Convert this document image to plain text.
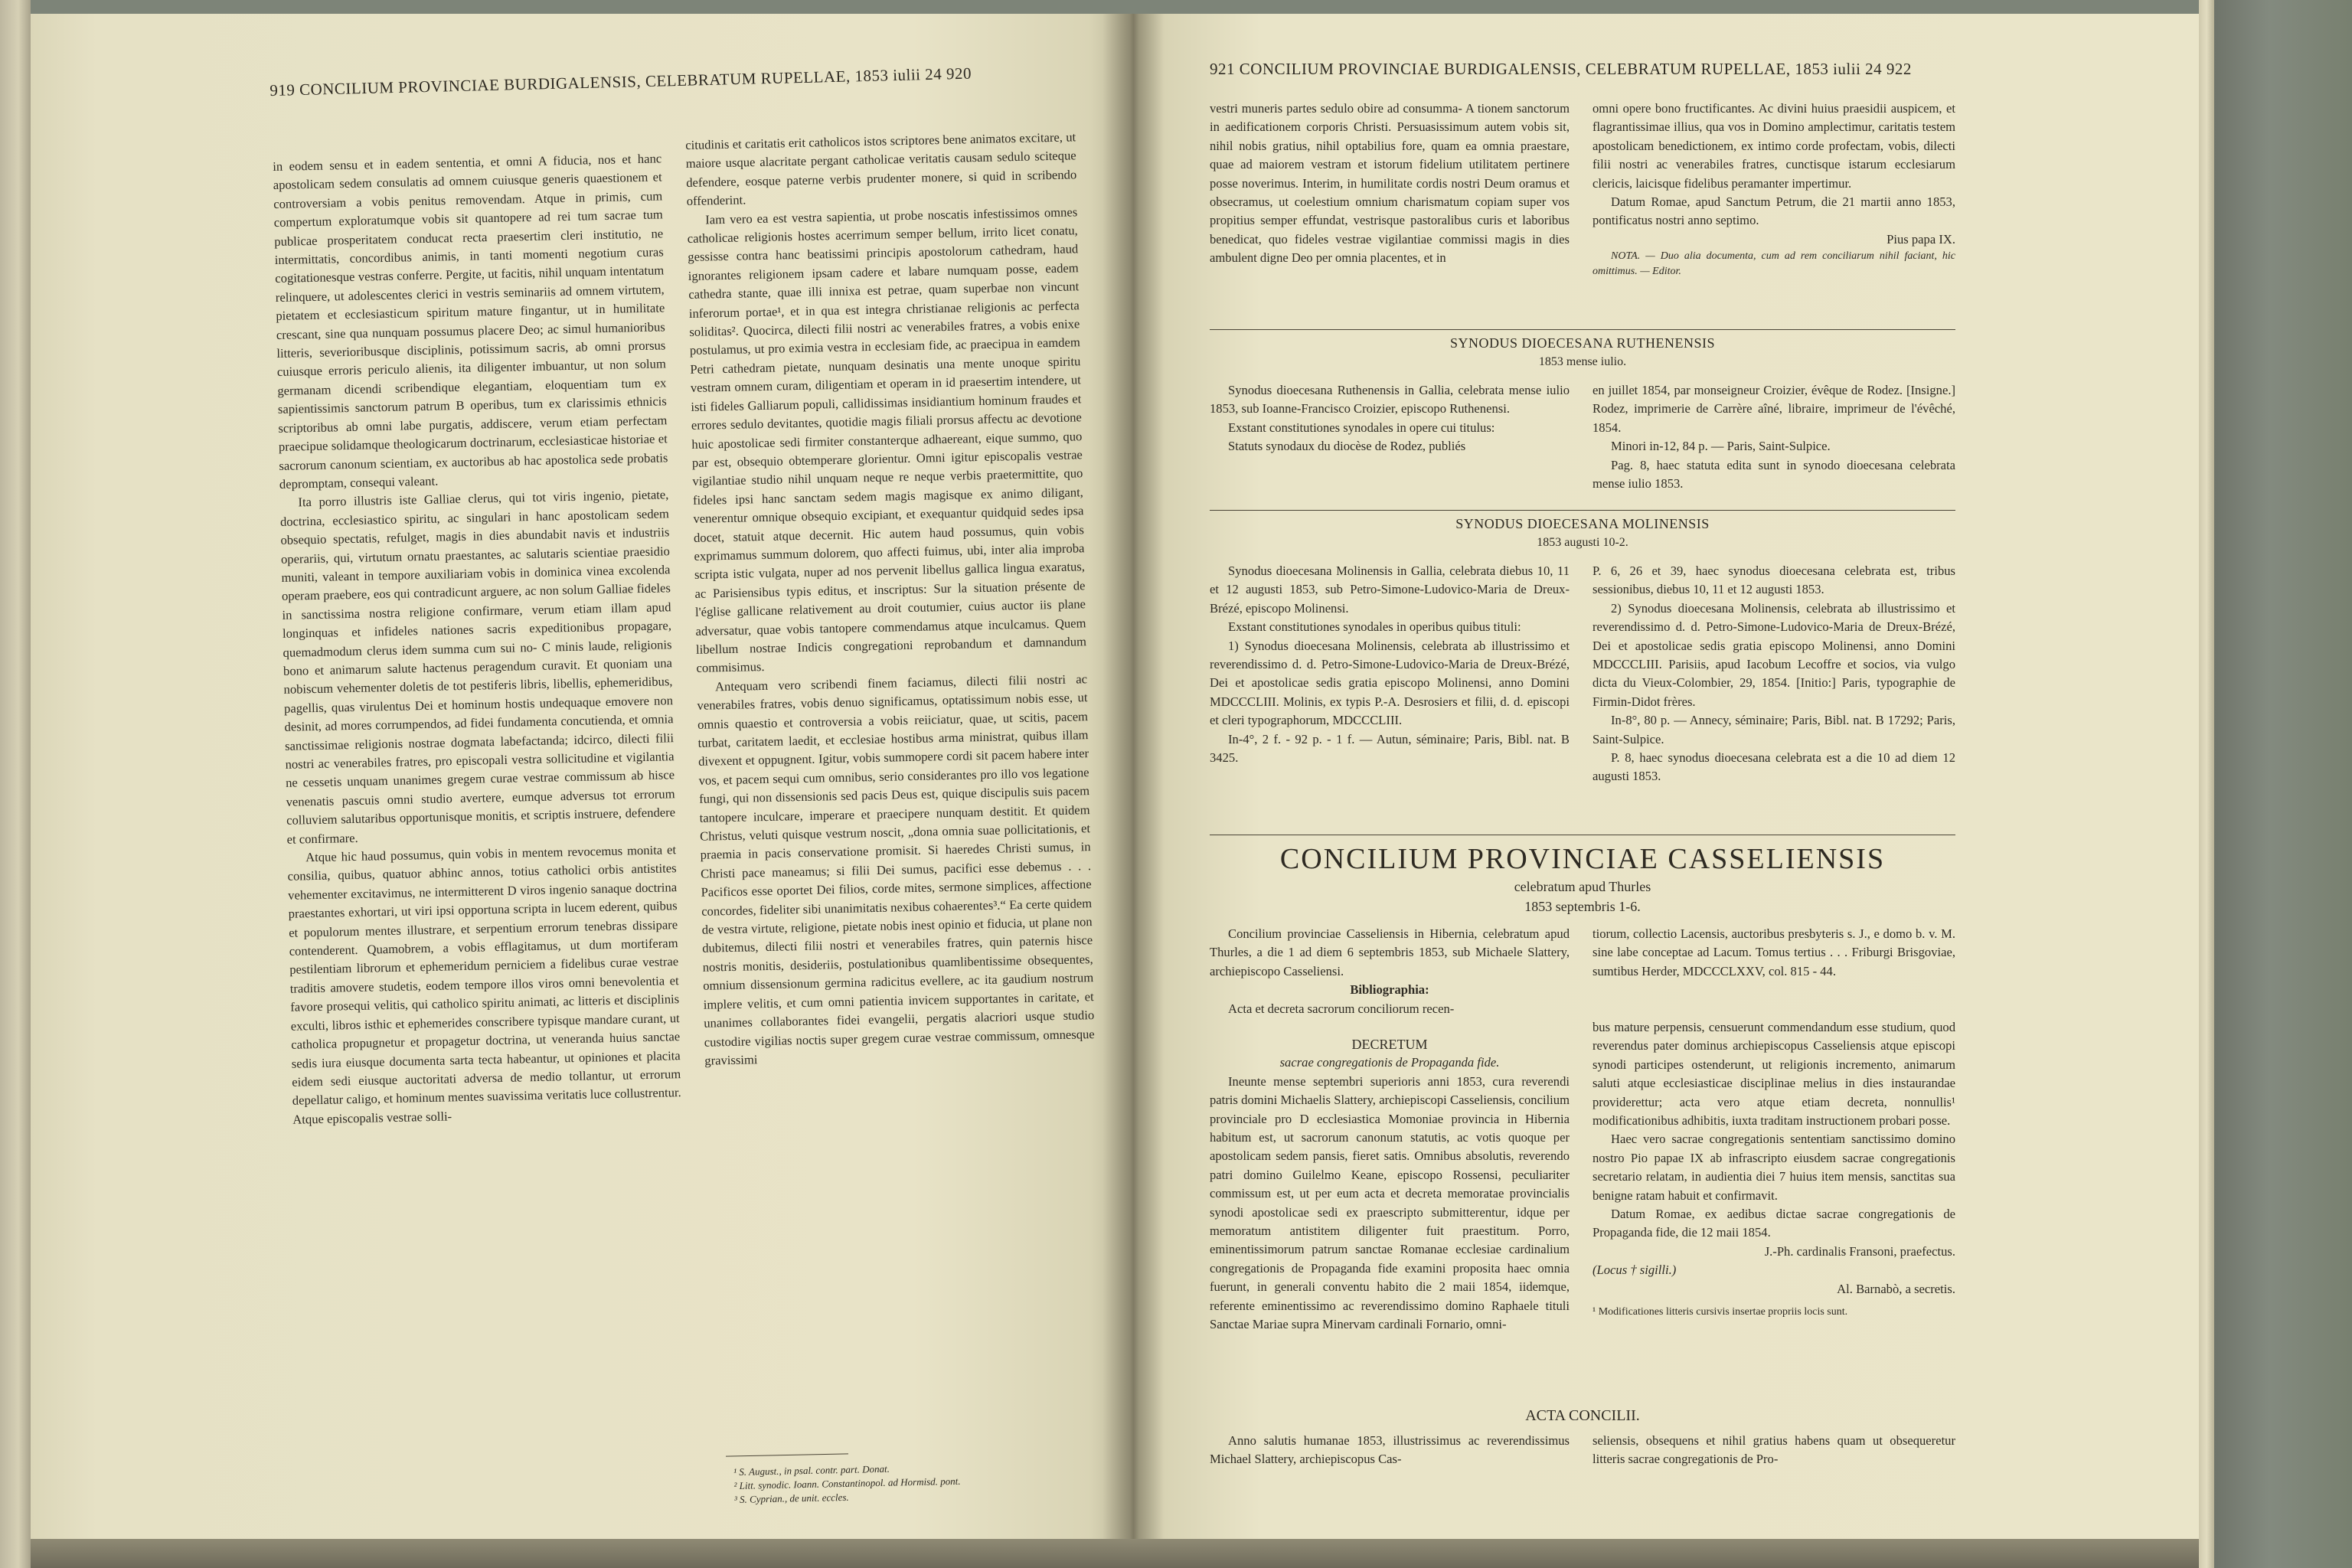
919 CONCILIUM PROVINCIAE BURDIGALENSIS, CELEBRATUM RUPELLAE, 1853 iulii 24 920

in eodem sensu et in eadem sententia, et omni A fiducia, nos et hanc apostolicam sedem consulatis ad omnem cuiusque generis quaestionem et controversiam a vobis penitus removendam. Atque in primis, cum compertum exploratumque vobis sit quantopere ad rei tum sacrae tum publicae prosperitatem conducat recta praesertim cleri institutio, ne intermittatis, concordibus animis, in tanti momenti negotium curas cogitationesque vestras conferre. Pergite, ut facitis, nihil unquam intentatum relinquere, ut adolescentes clerici in vestris seminariis ad omnem virtutem, pietatem et ecclesiasticum spiritum mature fingantur, ut in humilitate crescant, sine qua nunquam possumus placere Deo; ac simul humanioribus litteris, severioribusque disciplinis, potissimum sacris, ab omni prorsus cuiusque erroris periculo alienis, ita diligenter imbuantur, ut non solum germanam dicendi scribendique elegantiam, eloquentiam tum ex sapientissimis sanctorum patrum B operibus, tum ex clarissimis ethnicis scriptoribus ab omni labe purgatis, addiscere, verum etiam perfectam praecipue solidamque theologicarum doctrinarum, ecclesiasticae historiae et sacrorum canonum scientiam, ex auctoribus ab hac apostolica sede probatis depromptam, consequi valeant.

Ita porro illustris iste Galliae clerus, qui tot viris ingenio, pietate, doctrina, ecclesiastico spiritu, ac singulari in hanc apostolicam sedem obsequio spectatis, refulget, magis in dies abundabit navis et industriis operariis, qui, virtutum ornatu praestantes, ac salutaris scientiae praesidio muniti, valeant in tempore auxiliariam vobis in dominica vinea excolenda operam praebere, eos qui contradicunt arguere, ac non solum Galliae fideles in sanctissima nostra religione confirmare, verum etiam illam apud longinquas et infideles nationes sacris expeditionibus propagare, quemadmodum clerus idem summa cum sui no- C minis laude, religionis bono et animarum salute hactenus peragendum curavit. Et quoniam una nobiscum vehementer doletis de tot pestiferis libris, libellis, ephemeridibus, pagellis, quas virulentus Dei et hominum hostis undequaque emovere non desinit, ad mores corrumpendos, ad fidei fundamenta concutienda, et omnia sanctissimae religionis nostrae dogmata labefactanda; idcirco, dilecti filii nostri ac venerabiles fratres, pro episcopali vestra sollicitudine et vigilantia ne cessetis unquam unanimes gregem curae vestrae commissum ab hisce venenatis pascuis omni studio avertere, eumque adversus tot errorum colluviem salutaribus opportunisque monitis, et scriptis instruere, defendere et confirmare.

Atque hic haud possumus, quin vobis in mentem revocemus monita et consilia, quibus, quatuor abhinc annos, totius catholici orbis antistites vehementer excitavimus, ne intermitterent D viros ingenio sanaque doctrina praestantes exhortari, ut viri ipsi opportuna scripta in lucem ederent, quibus et populorum mentes illustrare, et serpentium errorum tenebras dissipare contenderent. Quamobrem, a vobis efflagitamus, ut dum mortiferam pestilentiam librorum et ephemeridum perniciem a fidelibus curae vestrae traditis amovere studetis, eodem tempore illos viros omni benevolentia et favore prosequi velitis, qui catholico spiritu animati, ac litteris et disciplinis exculti, libros isthic et ephemerides conscribere typisque mandare curant, ut catholica propugnetur et propagetur doctrina, ut veneranda huius sanctae sedis iura eiusque documenta sarta tecta habeantur, ut opiniones et placita eidem sedi eiusque auctoritati adversa de medio tollantur, ut errorum depellatur caligo, et hominum mentes suavissima veritatis luce collustrentur. Atque episcopalis vestrae solli-

citudinis et caritatis erit catholicos istos scriptores bene animatos excitare, ut maiore usque alacritate pergant catholicae veritatis causam sedulo sciteque defendere, eosque paterne verbis prudenter monere, si quid in scribendo offenderint.

Iam vero ea est vestra sapientia, ut probe noscatis infestissimos omnes catholicae religionis hostes acerrimum semper bellum, irrito licet conatu, gessisse contra hanc beatissimi principis apostolorum cathedram, haud ignorantes religionem ipsam cadere et labare numquam posse, eadem cathedra stante, quae illi innixa est petrae, quam superbae non vincunt inferorum portae¹, et in qua est integra christianae religionis ac perfecta soliditas². Quocirca, dilecti filii nostri ac venerabiles fratres, a vobis enixe postulamus, ut pro eximia vestra in ecclesiam fide, ac praecipua in eamdem Petri cathedram pietate, nunquam desinatis una mente unoque spiritu vestram omnem curam, diligentiam et operam in id praesertim intendere, ut isti fideles Galliarum populi, callidissimas insidiantium hominum fraudes et errores sedulo devitantes, quotidie magis filiali prorsus affectu ac devotione huic apostolicae sedi firmiter constanterque adhaereant, eique summo, quo par est, obsequio obtemperare glorientur. Omni igitur episcopalis vestrae vigilantiae studio nihil unquam neque re neque verbis praetermittite, quo fideles ipsi hanc sanctam sedem magis magisque ex animo diligant, venerentur omnique obsequio excipiant, et exequantur quidquid sedes ipsa docet, statuit atque decernit. Hic autem haud possumus, quin vobis exprimamus summum dolorem, quo affecti fuimus, ubi, inter alia improba scripta istic vulgata, nuper ad nos pervenit libellus gallica lingua exaratus, ac Parisiensibus typis editus, et inscriptus: Sur la situation présente de l'église gallicane relativement au droit coutumier, cuius auctor iis plane adversatur, quae vobis tantopere commendamus atque inculcamus. Quem libellum nostrae Indicis congregationi reprobandum et damnandum commisimus.

Antequam vero scribendi finem faciamus, dilecti filii nostri ac venerabiles fratres, vobis denuo significamus, optatissimum nobis esse, ut omnis quaestio et controversia a vobis reiiciatur, quae, ut scitis, pacem turbat, caritatem laedit, et ecclesiae hostibus arma ministrat, quibus illam divexent et oppugnent. Igitur, vobis summopere cordi sit pacem habere inter vos, et pacem sequi cum omnibus, serio considerantes pro illo vos legatione fungi, qui non dissensionis sed pacis Deus est, quique discipulis suis pacem tantopere inculcare, imperare et praecipere nunquam destitit. Et quidem Christus, veluti quisque vestrum noscit, „dona omnia suae pollicitationis, et praemia in pacis conservatione promisit. Si haeredes Christi sumus, in Christi pace maneamus; si filii Dei sumus, pacifici esse debemus . . . Pacificos esse oportet Dei filios, corde mites, sermone simplices, affectione concordes, fideliter sibi unanimitatis nexibus cohaerentes³.“ Ea certe quidem de vestra virtute, religione, pietate nobis inest opinio et fiducia, ut plane non dubitemus, dilecti filii nostri et venerabiles fratres, quin paternis hisce nostris monitis, desideriis, postulationibus quamlibentissime obsequentes, omnium dissensionum germina radicitus evellere, ac ita gaudium nostrum implere velitis, et cum omni patientia invicem supportantes in caritate, et unanimes collaborantes fidei evangelii, pergatis alacriori usque studio custodire vigilias noctis super gregem curae vestrae commissum, omnesque gravissimi

¹ S. August., in psal. contr. part. Donat.
² Litt. synodic. Ioann. Constantinopol. ad Hormisd. pont.
³ S. Cyprian., de unit. eccles.
921 CONCILIUM PROVINCIAE BURDIGALENSIS, CELEBRATUM RUPELLAE, 1853 iulii 24 922

vestri muneris partes sedulo obire ad consumma- A tionem sanctorum in aedificationem corporis Christi. Persuasissimum autem vobis sit, nihil nobis gratius, nihil optabilius fore, quam ea omnia praestare, quae ad maiorem vestram et istorum fidelium utilitatem pertinere posse noverimus. Interim, in humilitate cordis nostri Deum oramus et obsecramus, ut coelestium omnium charismatum copiam super vos propitius semper effundat, vestrisque pastoralibus curis et laboribus benedicat, quo fideles vestrae vigilantiae commissi magis in dies ambulent digne Deo per omnia placentes, et in

omni opere bono fructificantes. Ac divini huius praesidii auspicem, et flagrantissimae illius, qua vos in Domino amplectimur, caritatis testem apostolicam benedictionem, ex intimo corde profectam, vobis, dilecti filii nostri ac venerabiles fratres, cunctisque istarum ecclesiarum clericis, laicisque fidelibus peramanter impertimur.

Datum Romae, apud Sanctum Petrum, die 21 martii anno 1853, pontificatus nostri anno septimo.

Pius papa IX.

NOTA. — Duo alia documenta, cum ad rem conciliarum nihil faciant, hic omittimus. — Editor.

SYNODUS DIOECESANA RUTHENENSIS
1853 mense iulio.

Synodus dioecesana Ruthenensis in Gallia, celebrata mense iulio 1853, sub Ioanne-Francisco Croizier, episcopo Ruthenensi.

Exstant constitutiones synodales in opere cui titulus:

Statuts synodaux du diocèse de Rodez, publiés

en juillet 1854, par monseigneur Croizier, évêque de Rodez. [Insigne.] Rodez, imprimerie de Carrère aîné, libraire, imprimeur de l'évêché, 1854.

Minori in-12, 84 p. — Paris, Saint-Sulpice.

Pag. 8, haec statuta edita sunt in synodo dioecesana celebrata mense iulio 1853.

SYNODUS DIOECESANA MOLINENSIS
1853 augusti 10-2.

Synodus dioecesana Molinensis in Gallia, celebrata diebus 10, 11 et 12 augusti 1853, sub Petro-Simone-Ludovico-Maria de Dreux-Brézé, episcopo Molinensi.

Exstant constitutiones synodales in operibus quibus tituli:

1) Synodus dioecesana Molinensis, celebrata ab illustrissimo et reverendissimo d. d. Petro-Simone-Ludovico-Maria de Dreux-Brézé, Dei et apostolicae sedis gratia episcopo Molinensi, anno Domini MDCCCLIII. Molinis, ex typis P.-A. Desrosiers et filii, d. d. episcopi et cleri typographorum, MDCCCLIII.

In-4°, 2 f. - 92 p. - 1 f. — Autun, séminaire; Paris, Bibl. nat. B 3425.

P. 6, 26 et 39, haec synodus dioecesana celebrata est, tribus sessionibus, diebus 10, 11 et 12 augusti 1853.

2) Synodus dioecesana Molinensis, celebrata ab illustrissimo et reverendissimo d. d. Petro-Simone-Ludovico-Maria de Dreux-Brézé, Dei et apostolicae sedis gratia episcopo Molinensi, anno Domini MDCCCLIII. Parisiis, apud Iacobum Lecoffre et socios, via vulgo dicta du Vieux-Colombier, 29, 1854. [Initio:] Paris, typographie de Firmin-Didot frères.

In-8°, 80 p. — Annecy, séminaire; Paris, Bibl. nat. B 17292; Paris, Saint-Sulpice.

P. 8, haec synodus dioecesana celebrata est a die 10 ad diem 12 augusti 1853.

CONCILIUM PROVINCIAE CASSELIENSIS
celebratum apud Thurles
1853 septembris 1-6.

Concilium provinciae Casseliensis in Hibernia, celebratum apud Thurles, a die 1 ad diem 6 septembris 1853, sub Michaele Slattery, archiepiscopo Casseliensi.

Bibliographia:

Acta et decreta sacrorum conciliorum recen-

tiorum, collectio Lacensis, auctoribus presbyteris s. J., e domo b. v. M. sine labe conceptae ad Lacum. Tomus tertius . . . Friburgi Brisgoviae, sumtibus Herder, MDCCCLXXV, col. 815 - 44.

DECRETUM

sacrae congregationis de Propaganda fide.

Ineunte mense septembri superioris anni 1853, cura reverendi patris domini Michaelis Slattery, archiepiscopi Casseliensis, concilium provinciale pro D ecclesiastica Momoniae provincia in Hibernia habitum est, ut sacrorum canonum statutis, ac votis quoque per apostolicam sedem pansis, fieret satis. Omnibus absolutis, reverendo patri domino Guilelmo Keane, episcopo Rossensi, peculiariter commissum est, ut per eum acta et decreta memoratae provincialis synodi apostolicae sedi ex praescripto submitterentur, idque per memoratum antistitem diligenter fuit praestitum. Porro, eminentissimorum patrum sanctae Romanae ecclesiae cardinalium congregationis de Propaganda fide examini proposita haec omnia fuerunt, in generali conventu habito die 2 maii 1854, iidemque, referente eminentissimo ac reverendissimo domino Raphaele tituli Sanctae Mariae supra Minervam cardinali Fornario, omni-

bus mature perpensis, censuerunt commendandum esse studium, quod reverendus pater dominus archiepiscopus Casseliensis atque episcopi synodi participes ostenderunt, ut religionis incremento, animarum saluti atque ecclesiasticae disciplinae melius in dies instaurandae providerettur; acta vero atque etiam decreta, nonnullis¹ modificationibus adhibitis, iuxta traditam instructionem probari posse.

Haec vero sacrae congregationis sententiam sanctissimo domino nostro Pio papae IX ab infrascripto eiusdem sacrae congregationis secretario relatam, in audientia diei 7 huius item mensis, sanctitas sua benigne ratam habuit et confirmavit.

Datum Romae, ex aedibus dictae sacrae congregationis de Propaganda fide, die 12 maii 1854.

J.-Ph. cardinalis Fransoni, praefectus.

(Locus † sigilli.)

Al. Barnabò, a secretis.

¹ Modificationes litteris cursivis insertae propriis locis sunt.

ACTA CONCILII.

Anno salutis humanae 1853, illustrissimus ac reverendissimus Michael Slattery, archiepiscopus Cas-

seliensis, obsequens et nihil gratius habens quam ut obsequeretur litteris sacrae congregationis de Pro-
